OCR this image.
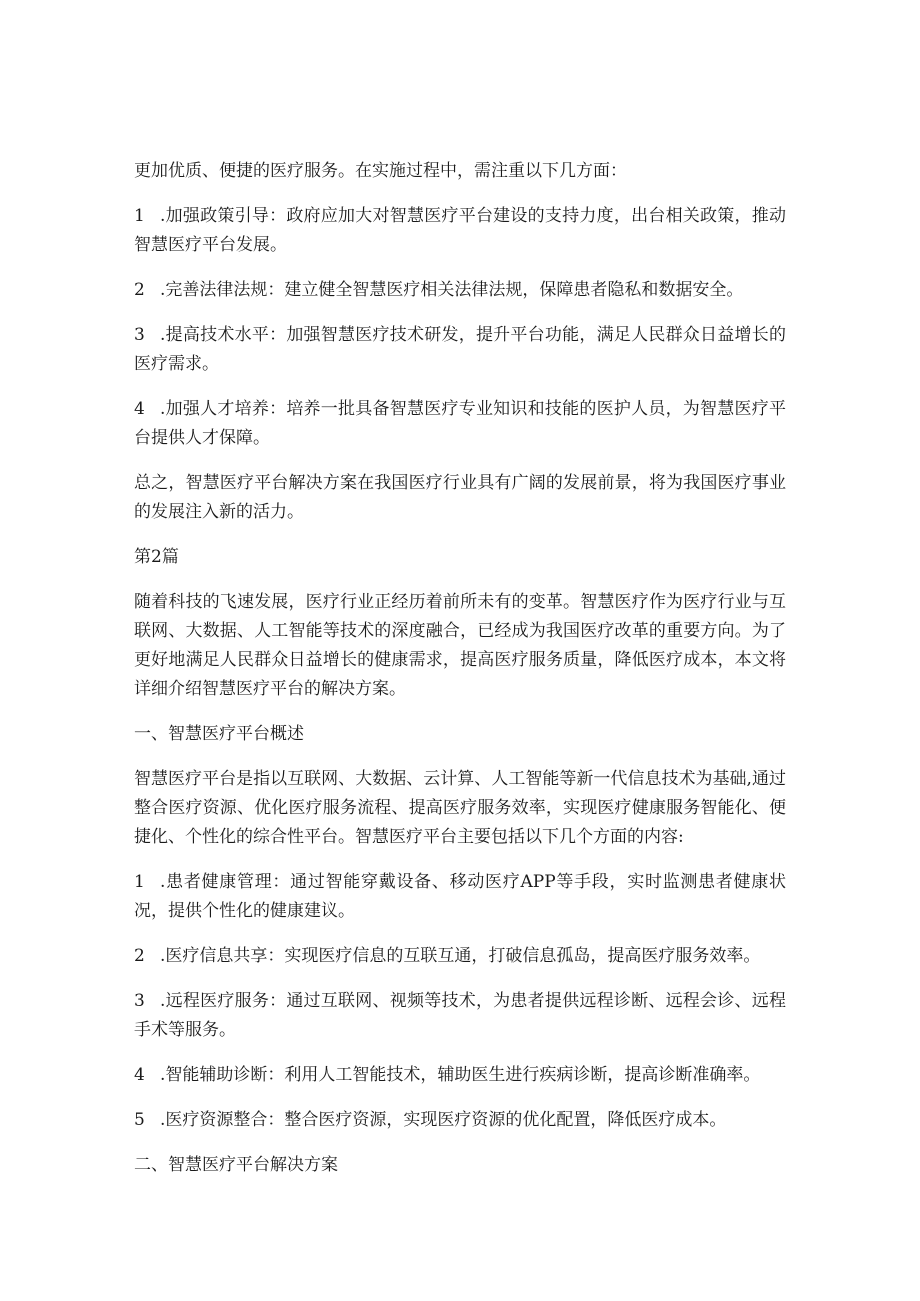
更加优质、便捷的医疗服务。在实施过程中，需注重以下几方面：

1 .加强政策引导：政府应加大对智慧医疗平台建设的支持力度，出台相关政策，推动智慧医疗平台发展。

2 .完善法律法规：建立健全智慧医疗相关法律法规，保障患者隐私和数据安全。

3 .提高技术水平：加强智慧医疗技术研发，提升平台功能，满足人民群众日益增长的医疗需求。

4 .加强人才培养：培养一批具备智慧医疗专业知识和技能的医护人员，为智慧医疗平台提供人才保障。

总之，智慧医疗平台解决方案在我国医疗行业具有广阔的发展前景，将为我国医疗事业的发展注入新的活力。

第2篇

随着科技的飞速发展，医疗行业正经历着前所未有的变革。智慧医疗作为医疗行业与互联网、大数据、人工智能等技术的深度融合，已经成为我国医疗改革的重要方向。为了更好地满足人民群众日益增长的健康需求，提高医疗服务质量，降低医疗成本，本文将详细介绍智慧医疗平台的解决方案。

一、智慧医疗平台概述

智慧医疗平台是指以互联网、大数据、云计算、人工智能等新一代信息技术为基础,通过整合医疗资源、优化医疗服务流程、提高医疗服务效率，实现医疗健康服务智能化、便捷化、个性化的综合性平台。智慧医疗平台主要包括以下几个方面的内容:

1 .患者健康管理：通过智能穿戴设备、移动医疗APP等手段，实时监测患者健康状况，提供个性化的健康建议。

2 .医疗信息共享：实现医疗信息的互联互通，打破信息孤岛，提高医疗服务效率。

3 .远程医疗服务：通过互联网、视频等技术，为患者提供远程诊断、远程会诊、远程手术等服务。

4 .智能辅助诊断：利用人工智能技术，辅助医生进行疾病诊断，提高诊断准确率。

5 .医疗资源整合：整合医疗资源，实现医疗资源的优化配置，降低医疗成本。

二、智慧医疗平台解决方案
